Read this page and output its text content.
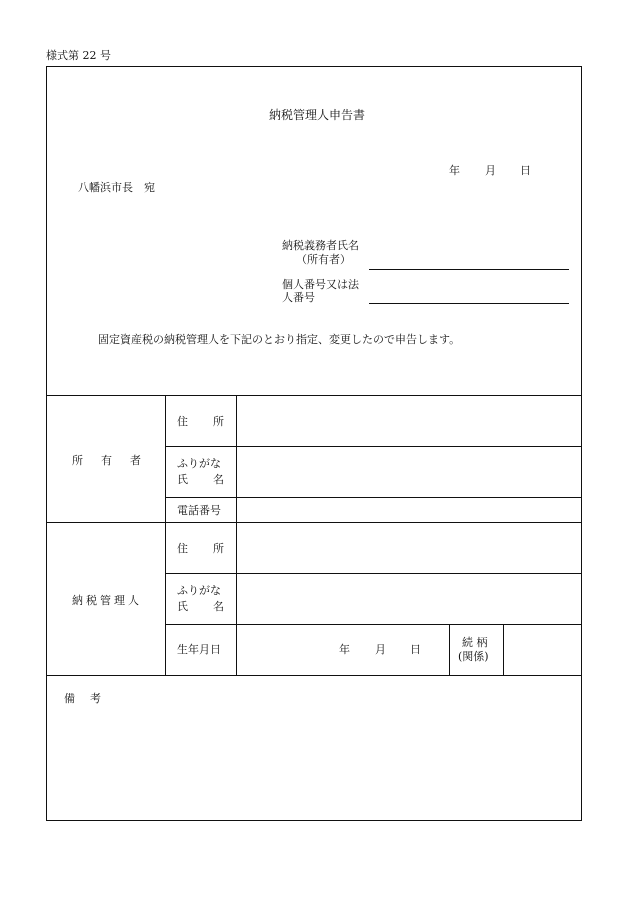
様式第 22 号
納税管理人申告書
年 月 日
八幡浜市長　宛
納税義務者氏名
（所有者）
個人番号又は法
人番号
固定資産税の納税管理人を下記のとおり指定、変更したので申告します。
所 有 者
住 所
ふりがな
氏 名
電話番号
納 税 管 理 人
住 所
ふりがな
氏 名
生年月日	年 月 日
続 柄
(関係)
備 考
